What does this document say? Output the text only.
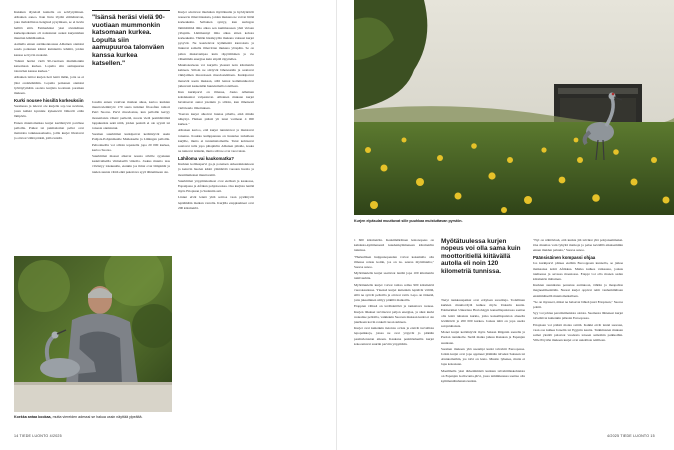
Kukkien täyteistä kuntelle on selviytyminen. Alhainen aaneo. Kun lintu löytää elämäntavan, joka mahdollistaa hengissä pysymisen, se ei hevin hellitä siitä. Esimerkiksi yksi sivuikäinen kurkenpoikanen oli nalastunut osaksi kurjenlahen muuttun lehmälaumaa.

Aamulla ennen aurinkonnousua Alhainen onnistui saada poikanen kiinni kuinnuttia lehmiä, joiden kanssa se hyvin ruokaisi.

"Isänsä heräsi vielä 90-vuotiaan mummonkin katsomaan kurkea. Lopulta siin aamupuurua talonväen kanssa kurkea."

Alhainen laittoi kurjen heti lentä mään, jotta se ei jäisi ondalehmään. Lopulta poikanen onnistui lyöttäytymään osoista kurjista koottuun poraikan mukaan.

Kurki nousee hissillä korkeuksiin

Suomessa ja tulevat ole kurjelle soy-vaa nevinna, joten kalkki kyennäe kykenevät lähtevät ettän lämpöön.

Ennen muuttomatkaa kurjet kerääntyvät parvikse pelloille. Paikat tai puimattomat pellot ovat mainioita tankkaasaalueita, joilla kurjet lihottavat ja ottavat vähiä pärkiä, joilla lentää.

"Isänsä heräsi vielä 90-vuotiaan mummonkin katsomaan kurkea. Lopulta siin aamupuuroa talonväen kanssa kurkea katsellen."

Jossäin ennen vaativan matkan aikaa, kertoo kurkien muuttoviemittyöt 170 sauta tutkinut filosofian tohtori Petri Suorsa. Parvi muodostuu, kun pelloille kertyy monenlaista väkeä: perhettä, nuoria vielä pesimättömiä lappukurkia sekä niitä, joiden pesintä ei ole syystä tai toisesta onnistunut.

Suomen suurimmat kurkiparvet kerääntyvät usein Pohjois-Pohjanmaalle Muhokselle ja Limingan pelloille. Peltoalueilla voi silloin tepastella jopa 20 000 kurkea, kertoo Suorsa.

Suurimmat massat alkavat nousta siiville syyskuun keskivaiheilla viimeisellä viikolla. Joskus muutto taas viivästyy lokakuulle, etenkin jos ilmat ovat lämpimät ja tuulen suunta väärä eikä pakottava syyä lähtemiseen ole.

Kurjet odottavat mieluiten myötätuulia ja hyödyntävät nousevia ilmavirtauksia, joiden mukana ne voivat liitää korkeuksiin. Sellainen syntyy, kun auringon lämmittämä ilma alkaa sen kummassaan yhtä virtaan ylöspäin. Lämmennyt ilma alkaa sitten kohota korkeuksiin. Tämän hissikyydin mukana vakuasi kurjet pysyvät. Ne kaartelevat kymmeniä kierroksia ja liukuvat samalla ilmavirran mukana ylöspäin. Se on pidon mukavampaa kuin räpyttäminen ja vie vähemmän energiaa kuin siipilä räpyttelles.

Muuttokorkeus voi kurjella yleensä noin kilometrin kahteen. Silloin ne siirtyvät lähetessään ja saattavat vikirjaimen muotoiseen muodostelmaan. Kurkiparvet menevät usein mukaan, sillä lennot kommunikoivat jatkuvasti keskenään huutelemalla toisilleen.

Kun kurkiparvi on ilmassa, Jouko Alhainen kohdekuntat valpastuvat. Alhainen mukaan kurjet havaitsevat aunat jotenkin jo silloin, kun ilmeisesti vielä kaulo ilmoituksen.

"Kerran kurjet alkoivat huutaa pihalla, eikä minän näkynyt. Hetken päästä yli lensi varmaan 4 000 kurkea."

Alhaisen kertoo, että kurjet tunnistavat ja muistavat toisensa. Koskka kumppanuus on huutelee tarkalleen kurjille, mutta ei tuntemattomaille. Tutut kohtaavat saattavat tulla jopa pihapiiriin Alhaisen pihalle, koska ne tuntevat isännän, mutta silti ne ovat varovaisia.

Lähiloma vai kaukomatka?

Kurkien kolmaspervi ga-ja ponaisen Arkeaalukokkoon ja ketuvin huolen käsitt ymmärtää vuosien huolta ja monimutkaiset muuttoreitit.

Suurimmat yöpymiskohteet ovat etelässä ja kaakossa, Espanjassa ja Afrikan pohjoisosissa. Osa kurjista lentää myös Etiopiaan ja Sudaniin asti.

Linnut eivät lennä yhtä soittoa vaan pysähtyvät lepäämään matkan varrella. Kurjilla etappisuhteet ovat 200 kilometriä.

Koekka antaa kookaa, mutta viereiden adesssi se hakua ussin näyttää ylpeältä.
14 TIEDE LUONTO 4/2025
Kurjen elpäsulat muuttuvat sille puuhkaa muistuttavan pyrstön.

1 600 kilometriin. Keskimääräinen lentonopeus on kahdesta-kymmenestä kuudenkymmeneen kilometriin tunnissa.

"Herkullisen huippunopeuden voivat kokemalla olla ilmassa reissu kotiin, jos on ns. seuraa myötätuulta," Suorsa sanoo.

Myötätuulella kurjet saattavat lentää jopa 100 kilometrin tuntivauhtia.

Myötätuulella kurjet voivat taittaa reilua 900 kilometriä vuorokaudessa. Yleensä kurjet kuitenkin lepäävät välillä, sillä ne syövät pelloilla ja ottavat vettä. Lepo on tärkeää, jotta jaksaminen säilyy pitkillä matkoilla.

Etappien välissä on levähdettävä ja tankattava ruokaa. Kurjen lihakset tarvitsevat paljon energiaa, ja siksi kurki ruokailee pelloilla, vaikkakin Suorsan mukaan kurki ei ole juurikaan kovin ronkeli ruoan suhteen.

Kurjet ovat kuitenkin tietoisia ovista ja etsivät turvallisia lepopaikkoja, joissa ne ovat yöpyvät jo pitkään pesänvierustan aikaan. Kaukana pesimäalueilta kurjet kokoontuvat suuriin parviin yöpymään.

Myötätuulessa kurjen nopeus voi olla sama kuin moottoritiellä kiitävällä autolla eli noin 120 kilometriä tunnissa.

Tietyt tankkauspaikat ovat erityisen suosittuja. Todellinen kurkien muuttoväylä kulkee myös Unkarin kautta. Esimerkiksi Unkarissa Hortobágyn kansallispuistossa saattaa olla lentä tuhansia kurkia, jotka kansallispuiston alueella levähtävät ja 200 000 kurkea. Joskus niitä on jopa useita satojatuhansia.

Monet kurjet kerääntyvät myös Saksan Rügenin saarelle ja Puolan rannikolle. Sieltä matka jatkuu Ranskan ja Espanjan suuntaan.

Suomen mukaan yhä useampi kurki talvehtii Euroopassa. Jotkin kurjet ovat jopa oppineet jäämään talveksi Saksaan tai Alankomaihin, jos talvi on leuto. Muutto lyhenee, mutta ei lopu kokonaan.

Maailmalla yksi tärkeimmistä kurkien talvehtimiskohteista on Espanjan Gallocanta-järvi, jossa tammikuussa saattaa olla kymmeniätuhansia kurkia.

"Nyt on nähtävissä, että kurkia jää talviksi yhä pohjoisemmaksi. Osa muuttaa vain lyhyitä matkoja ja palaa keväällä aikaisemmin ennen muiden paluuta," Suorsa sanoo.

Päänsisäinen kompassi ohjaa

Jos kurkiparvi pääsee etelään Eurooppaan kunnolla, se jatkaa matkaansa kohti Afrikkaa. Matka kulkee vaikeassa, joskus tuulisessa ja aavassa maastossa. Etappi voi olla monen sadan kilometrin mittainen.

Kurkien suunnistus perustuu aurinkoon, tähtiin ja maapallon magneettikenttään. Nuoret kurjet oppivat reitit vanhemmiltaan ensimmäisellä muuttomatkallaan.

"Se on mysteeri, miksi ne halaavat lähteä juuri Etiopiaan," Suorsa pohtii.

Syy voi johtua paratiisimaisista oloista. Suomesta lähteneet kurjet talvehtivat kuitenkin pääosin Euroopassa.

Etiopiaan voi päästä monta reittiä. Kaikki eivät lennä suoraan, vaan osa kulkee Israelin tai Egyptin kautta. Tutkimusten mukaan samat yksilöt palaavat vuodesta toiseen samoihin paikkoihin. Ville Pöyriön mukaan kurjet ovat uskollisia reitilleen.

4/2025 TIEDE LUONTO 15
